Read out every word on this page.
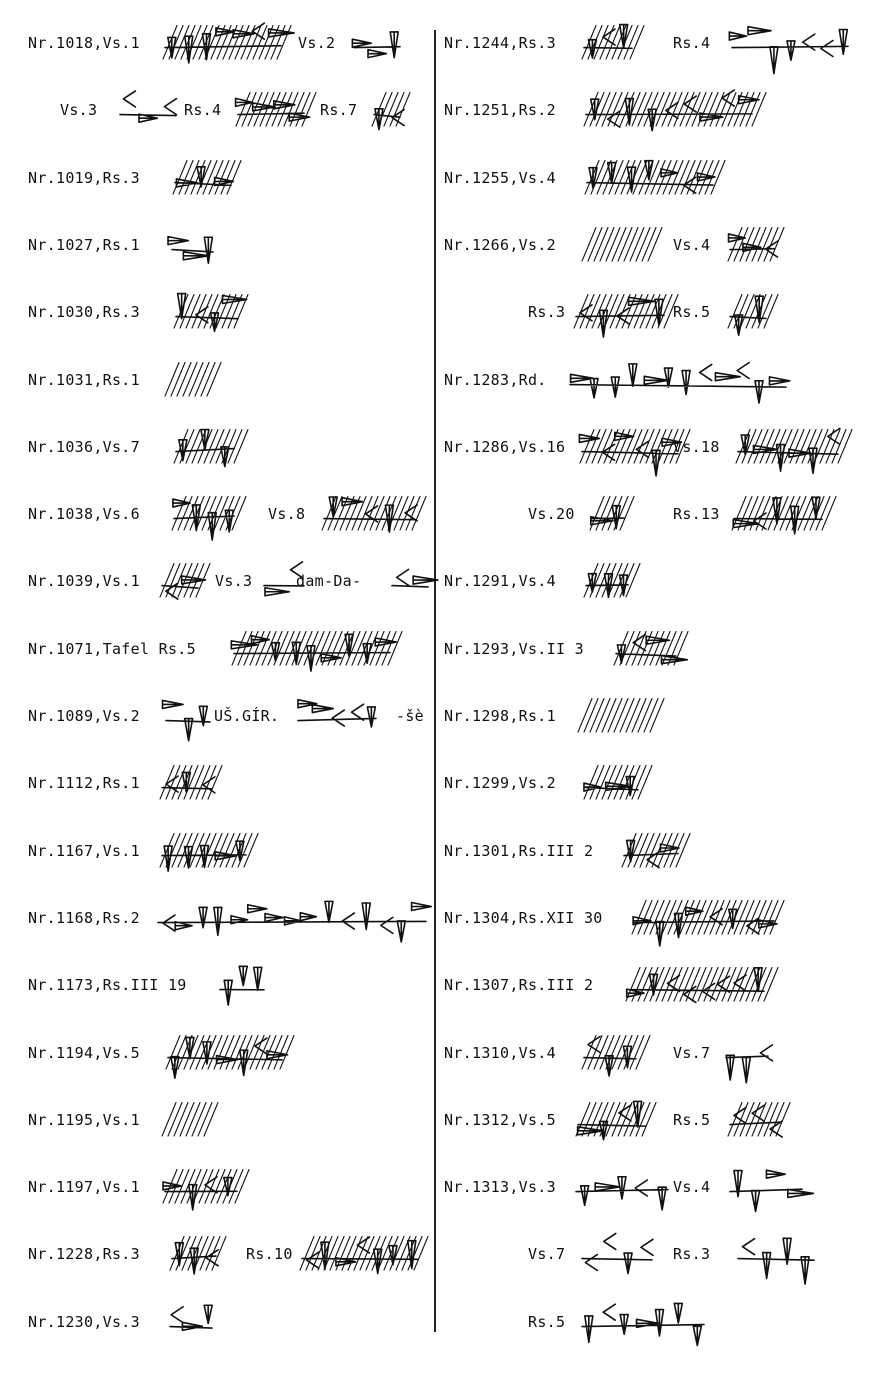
Nr.1018,Vs.1	Vs.2
Vs.3	Rs.4	Rs.7
Nr.1019,Rs.3
Nr.1027,Rs.1
Nr.1030,Rs.3
Nr.1031,Rs.1
Nr.1036,Vs.7
Nr.1038,Vs.6	Vs.8
Nr.1039,Vs.1	Vs.3	dam-Da-
Nr.1071,Tafel Rs.5
Nr.1089,Vs.2	UŠ.GÍR.	-šè
Nr.1112,Rs.1
Nr.1167,Vs.1
Nr.1168,Rs.2
Nr.1173,Rs.III 19
Nr.1194,Vs.5
Nr.1195,Vs.1
Nr.1197,Vs.1
Nr.1228,Rs.3	Rs.10
Nr.1230,Vs.3
Nr.1244,Rs.3	Rs.4
Nr.1251,Rs.2
Nr.1255,Vs.4
Nr.1266,Vs.2	Vs.4
Rs.3	Rs.5
Nr.1283,Rd.
Nr.1286,Vs.16	Vs.18
Vs.20	Rs.13
Nr.1291,Vs.4
Nr.1293,Vs.II 3
Nr.1298,Rs.1
Nr.1299,Vs.2
Nr.1301,Rs.III 2
Nr.1304,Rs.XII 30
Nr.1307,Rs.III 2
Nr.1310,Vs.4	Vs.7
Nr.1312,Vs.5	Rs.5
Nr.1313,Vs.3	Vs.4
Vs.7	Rs.3
Rs.5
